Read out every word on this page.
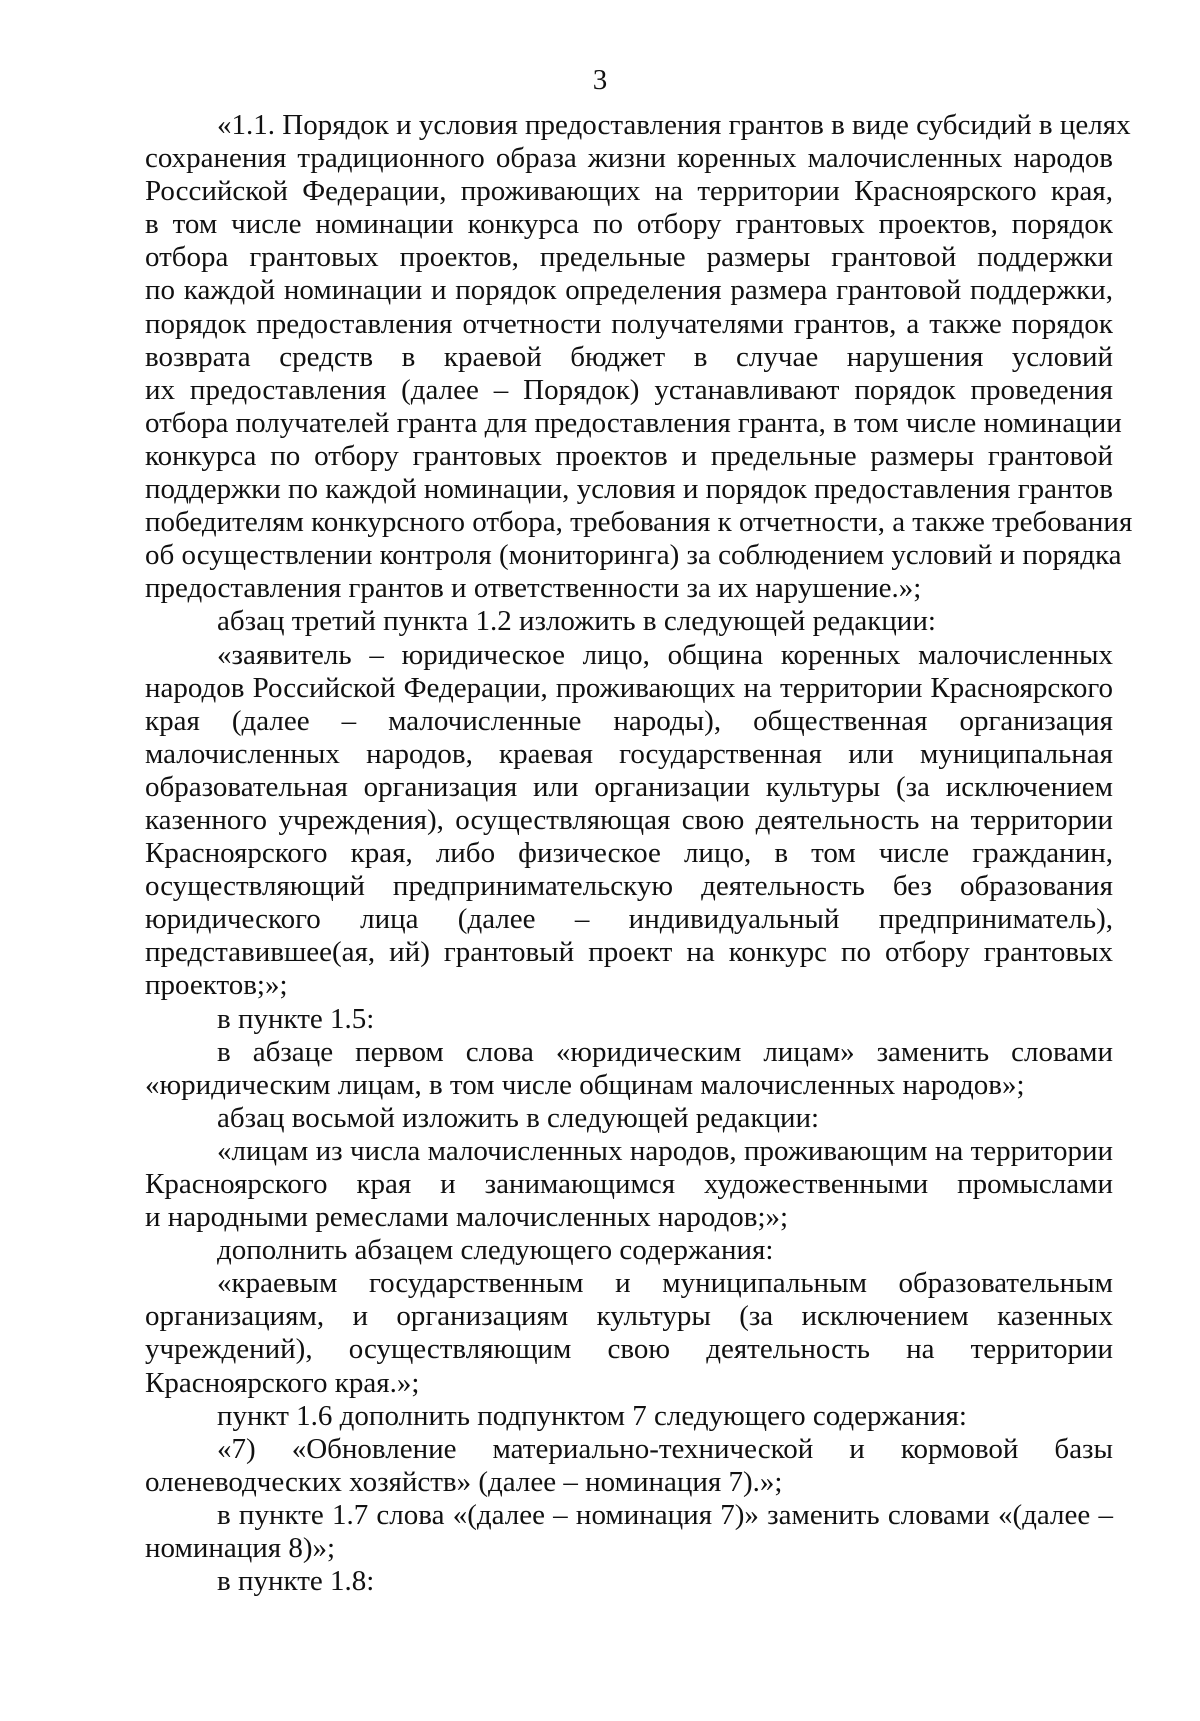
3
«1.1. Порядок и условия предоставления грантов в виде субсидий в целях
сохранения традиционного образа жизни коренных малочисленных народов
Российской Федерации, проживающих на территории Красноярского края,
в том числе номинации конкурса по отбору грантовых проектов, порядок
отбора грантовых проектов, предельные размеры грантовой поддержки
по каждой номинации и порядок определения размера грантовой поддержки,
порядок предоставления отчетности получателями грантов, а также порядок
возврата средств в краевой бюджет в случае нарушения условий
их предоставления (далее – Порядок) устанавливают порядок проведения
отбора получателей гранта для предоставления гранта, в том числе номинации
конкурса по отбору грантовых проектов и предельные размеры грантовой
поддержки по каждой номинации, условия и порядок предоставления грантов
победителям конкурсного отбора, требования к отчетности, а также требования
об осуществлении контроля (мониторинга) за соблюдением условий и порядка
предоставления грантов и ответственности за их нарушение.»;
абзац третий пункта 1.2 изложить в следующей редакции:
«заявитель – юридическое лицо, община коренных малочисленных
народов Российской Федерации, проживающих на территории Красноярского
края (далее – малочисленные народы), общественная организация
малочисленных народов, краевая государственная или муниципальная
образовательная организация или организации культуры (за исключением
казенного учреждения), осуществляющая свою деятельность на территории
Красноярского края, либо физическое лицо, в том числе гражданин,
осуществляющий предпринимательскую деятельность без образования
юридического лица (далее – индивидуальный предприниматель),
представившее(ая, ий) грантовый проект на конкурс по отбору грантовых
проектов;»;
в пункте 1.5:
в абзаце первом слова «юридическим лицам» заменить словами
«юридическим лицам, в том числе общинам малочисленных народов»;
абзац восьмой изложить в следующей редакции:
«лицам из числа малочисленных народов, проживающим на территории
Красноярского края и занимающимся художественными промыслами
и народными ремеслами малочисленных народов;»;
дополнить абзацем следующего содержания:
«краевым государственным и муниципальным образовательным
организациям, и организациям культуры (за исключением казенных
учреждений), осуществляющим свою деятельность на территории
Красноярского края.»;
пункт 1.6 дополнить подпунктом 7 следующего содержания:
«7) «Обновление материально-технической и кормовой базы
оленеводческих хозяйств» (далее – номинация 7).»;
в пункте 1.7 слова «(далее – номинация 7)» заменить словами «(далее –
номинация 8)»;
в пункте 1.8:
